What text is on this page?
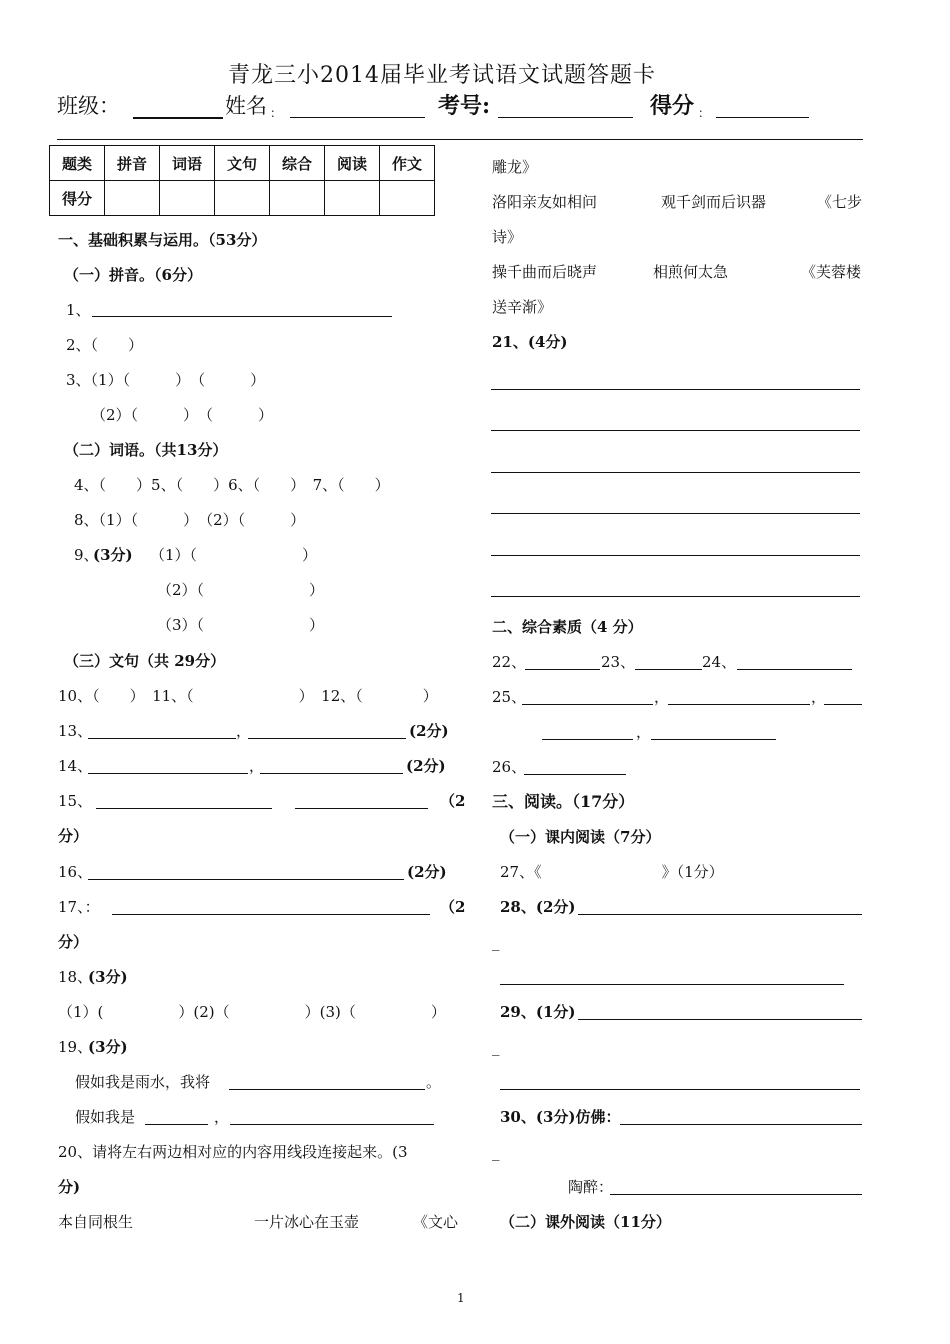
青龙三小2014届毕业考试语文试题答题卡
班级：	姓名 ：	考号:	得分 ：
题类	拼音	词语	文句	综合	阅读	作文
得分						
一、基础积累与运用。（53分）
（一）拼音。（6分）
1、
2、（　　）
3、（1）（　　　）　（　　　）
（2）（　　　）　（　　　）
（二）词语。（共13分）
4、（　　）5、（　　）6、（　　）　7、（　　）
8、（1）（　　　）　（2）（　　　）
9、
(3分) （1）（　　　　　　　）
（2）（　　　　　　　）
（3）（　　　　　　　）
（三）文句（共 29分）
10、（　　）　11、（　　　　　　　）　12、（　　　　）
13、	，	(2分)
14、	，	(2分)
15、	（2
分）
16、	(2分)
17、：	（2
分）
18、
(3分)
（1）(　　　　　）(2)（　　　　　）(3)（　　　　　）
19、
(3分)
假如我是雨水，我将	。
假如我是	，
20、请将左右两边相对应的内容用线段连接起来。(3
分)
本自同根生	一片冰心在玉壶	《文心
雕龙》
洛阳亲友如相问	观千剑而后识器	《七步
诗》
操千曲而后晓声	相煎何太急	《芙蓉楼
送辛渐》
21、(4分)
二、综合素质（4 分）
22、	23、	24、
25、	，	，
，
26、
三、阅读。（17分）
（一）课内阅读（7分）
27、《　　　　　　　　》（1分）
28、(2分)
_
29、(1分)
_
30、(3分)仿佛：
_
陶醉：
（二）课外阅读（11分）
1
